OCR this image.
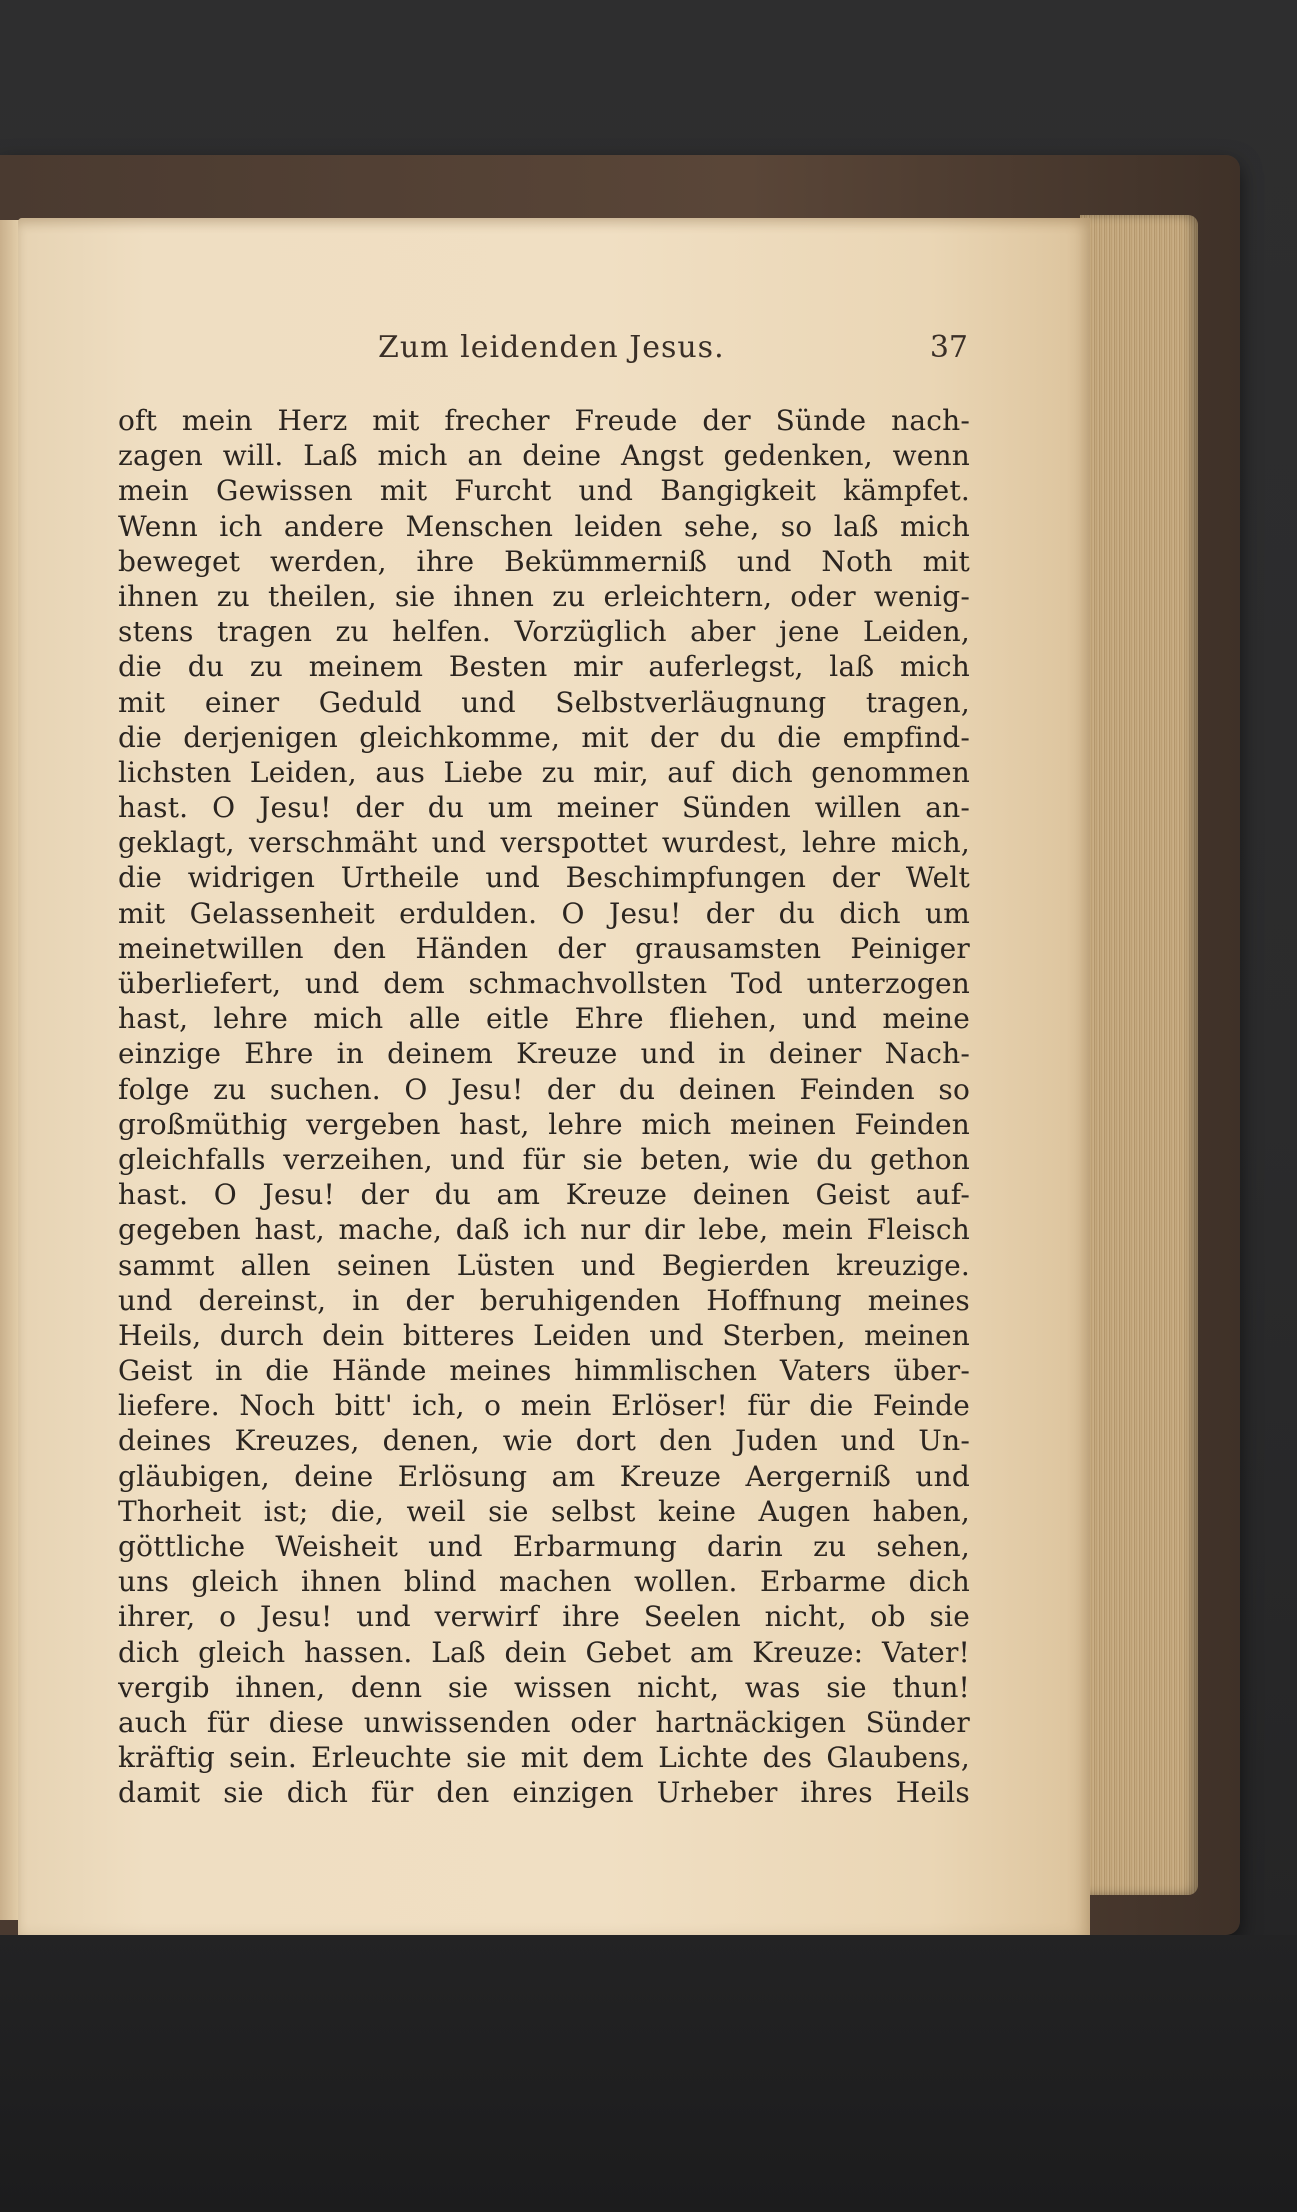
Zum leidenden Jesus.	37
oft mein Herz mit frecher Freude der Sünde nach-
zagen will. Laß mich an deine Angst gedenken, wenn
mein Gewissen mit Furcht und Bangigkeit kämpfet.
Wenn ich andere Menschen leiden sehe, so laß mich
beweget werden, ihre Bekümmerniß und Noth mit
ihnen zu theilen, sie ihnen zu erleichtern, oder wenig-
stens tragen zu helfen. Vorzüglich aber jene Leiden,
die du zu meinem Besten mir auferlegst, laß mich
mit einer Geduld und Selbstverläugnung tragen,
die derjenigen gleichkomme, mit der du die empfind-
lichsten Leiden, aus Liebe zu mir, auf dich genommen
hast. O Jesu! der du um meiner Sünden willen an-
geklagt, verschmäht und verspottet wurdest, lehre mich,
die widrigen Urtheile und Beschimpfungen der Welt
mit Gelassenheit erdulden. O Jesu! der du dich um
meinetwillen den Händen der grausamsten Peiniger
überliefert, und dem schmachvollsten Tod unterzogen
hast, lehre mich alle eitle Ehre fliehen, und meine
einzige Ehre in deinem Kreuze und in deiner Nach-
folge zu suchen. O Jesu! der du deinen Feinden so
großmüthig vergeben hast, lehre mich meinen Feinden
gleichfalls verzeihen, und für sie beten, wie du gethon
hast. O Jesu! der du am Kreuze deinen Geist auf-
gegeben hast, mache, daß ich nur dir lebe, mein Fleisch
sammt allen seinen Lüsten und Begierden kreuzige.
und dereinst, in der beruhigenden Hoffnung meines
Heils, durch dein bitteres Leiden und Sterben, meinen
Geist in die Hände meines himmlischen Vaters über-
liefere. Noch bitt' ich, o mein Erlöser! für die Feinde
deines Kreuzes, denen, wie dort den Juden und Un-
gläubigen, deine Erlösung am Kreuze Aergerniß und
Thorheit ist; die, weil sie selbst keine Augen haben,
göttliche Weisheit und Erbarmung darin zu sehen,
uns gleich ihnen blind machen wollen. Erbarme dich
ihrer, o Jesu! und verwirf ihre Seelen nicht, ob sie
dich gleich hassen. Laß dein Gebet am Kreuze: Vater!
vergib ihnen, denn sie wissen nicht, was sie thun!
auch für diese unwissenden oder hartnäckigen Sünder
kräftig sein. Erleuchte sie mit dem Lichte des Glaubens,
damit sie dich für den einzigen Urheber ihres Heils
